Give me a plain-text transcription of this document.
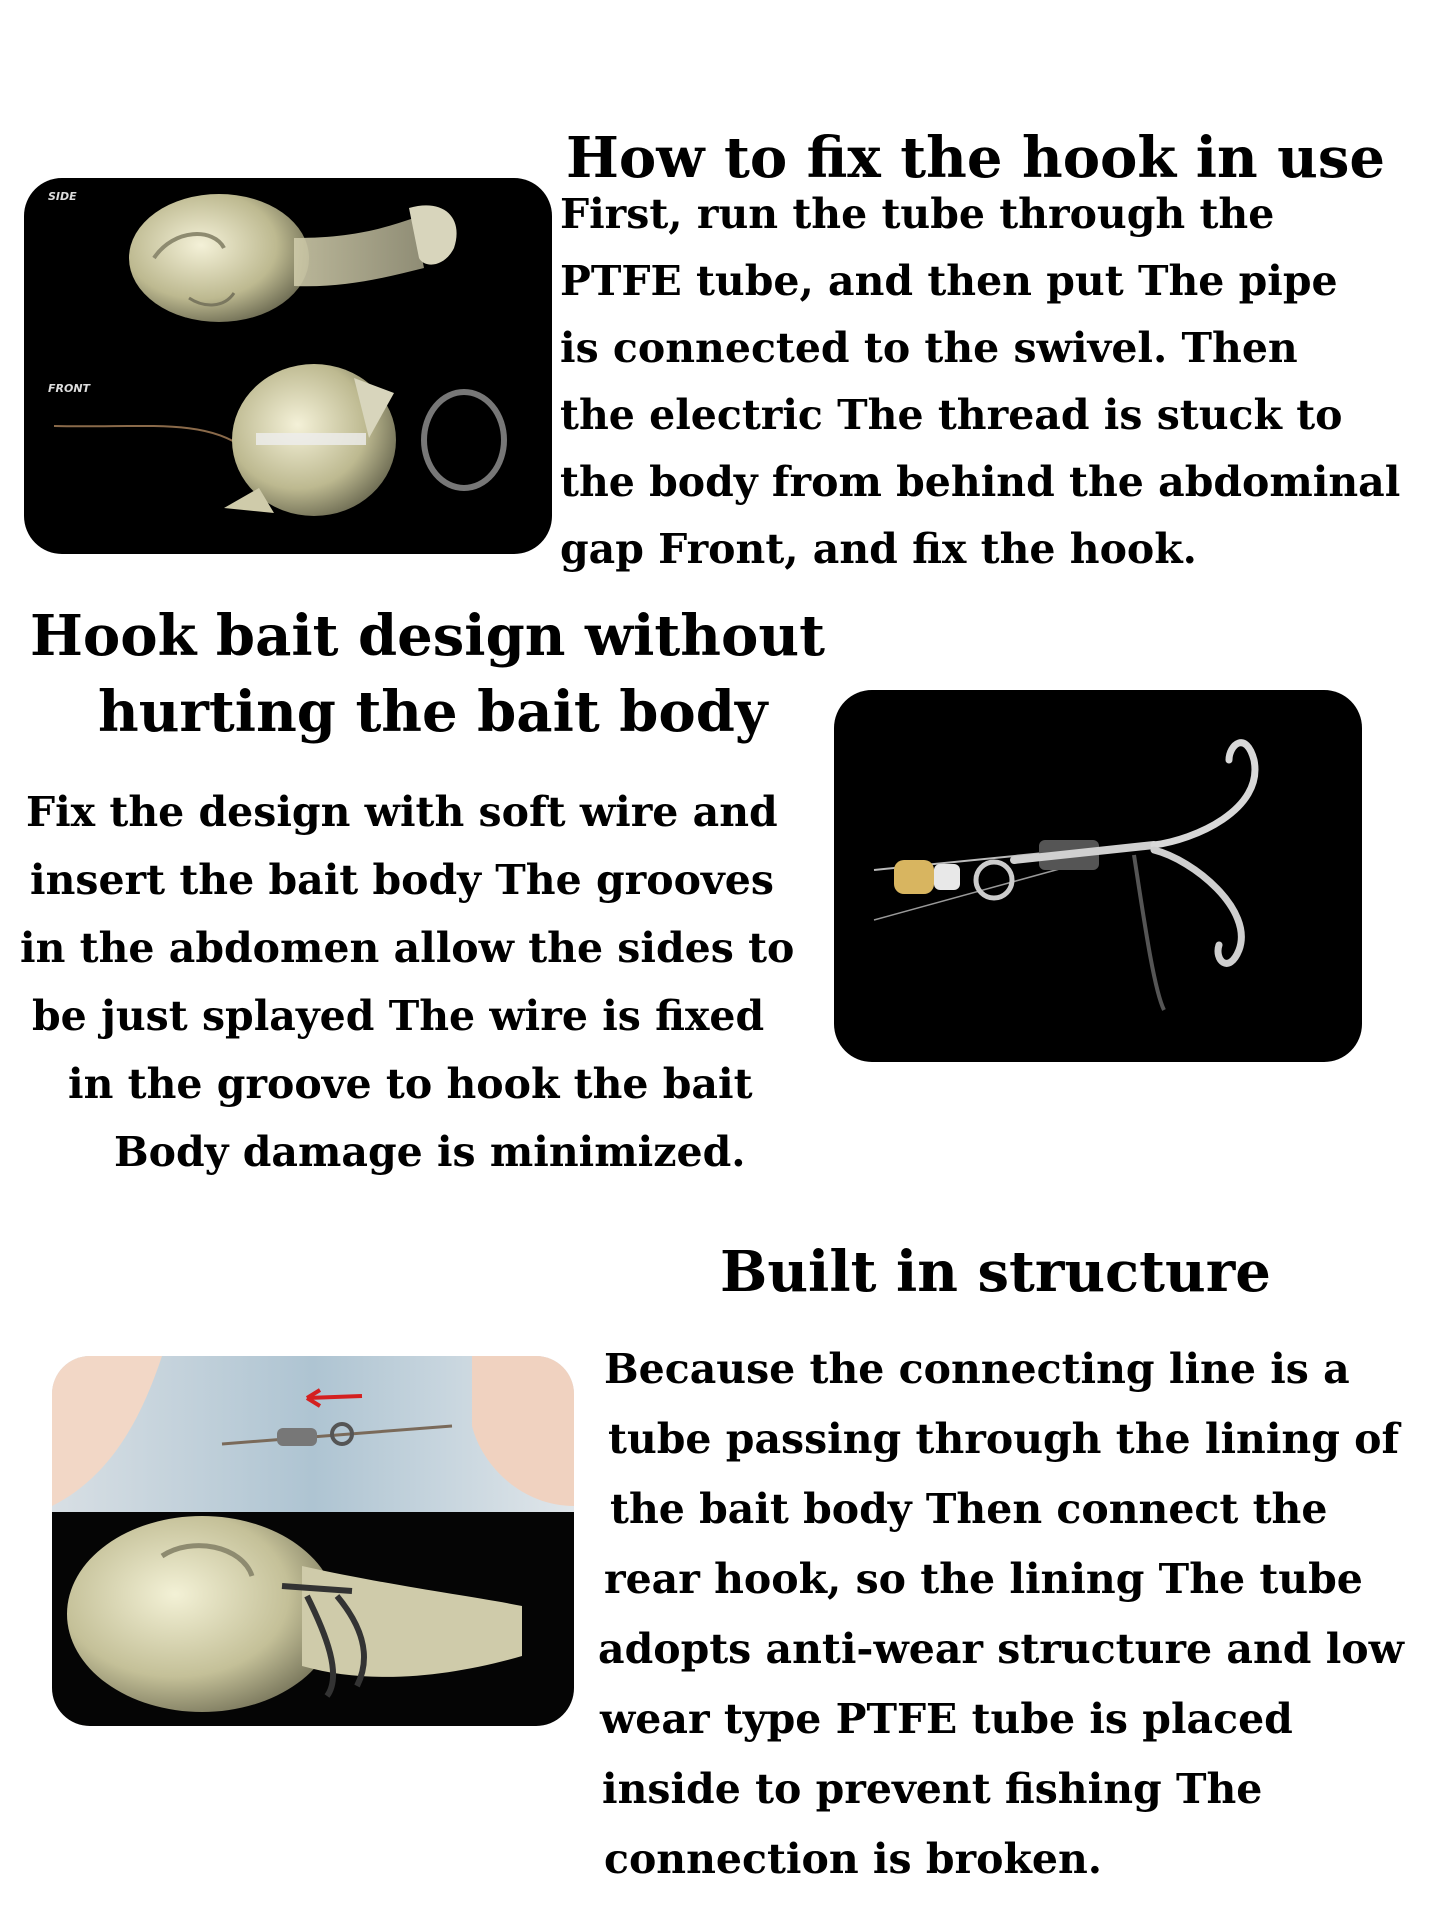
How to fix the hook in use
SIDE
FRONT
First, run the tube through the
PTFE tube, and then put The pipe
is connected to the swivel. Then
the electric The thread is stuck to
the body from behind the abdominal
gap Front, and fix the hook.
Hook bait design without
hurting the bait body
Fix the design with soft wire and
insert the bait body The grooves
in the abdomen allow the sides to
be just splayed The wire is fixed
in the groove to hook the bait
Body damage is minimized.
Built in structure
Because the connecting line is a
tube passing through the lining of
the bait body Then connect the
rear hook, so the lining The tube
adopts anti-wear structure and low
wear type PTFE tube is placed
inside to prevent fishing The
connection is broken.
